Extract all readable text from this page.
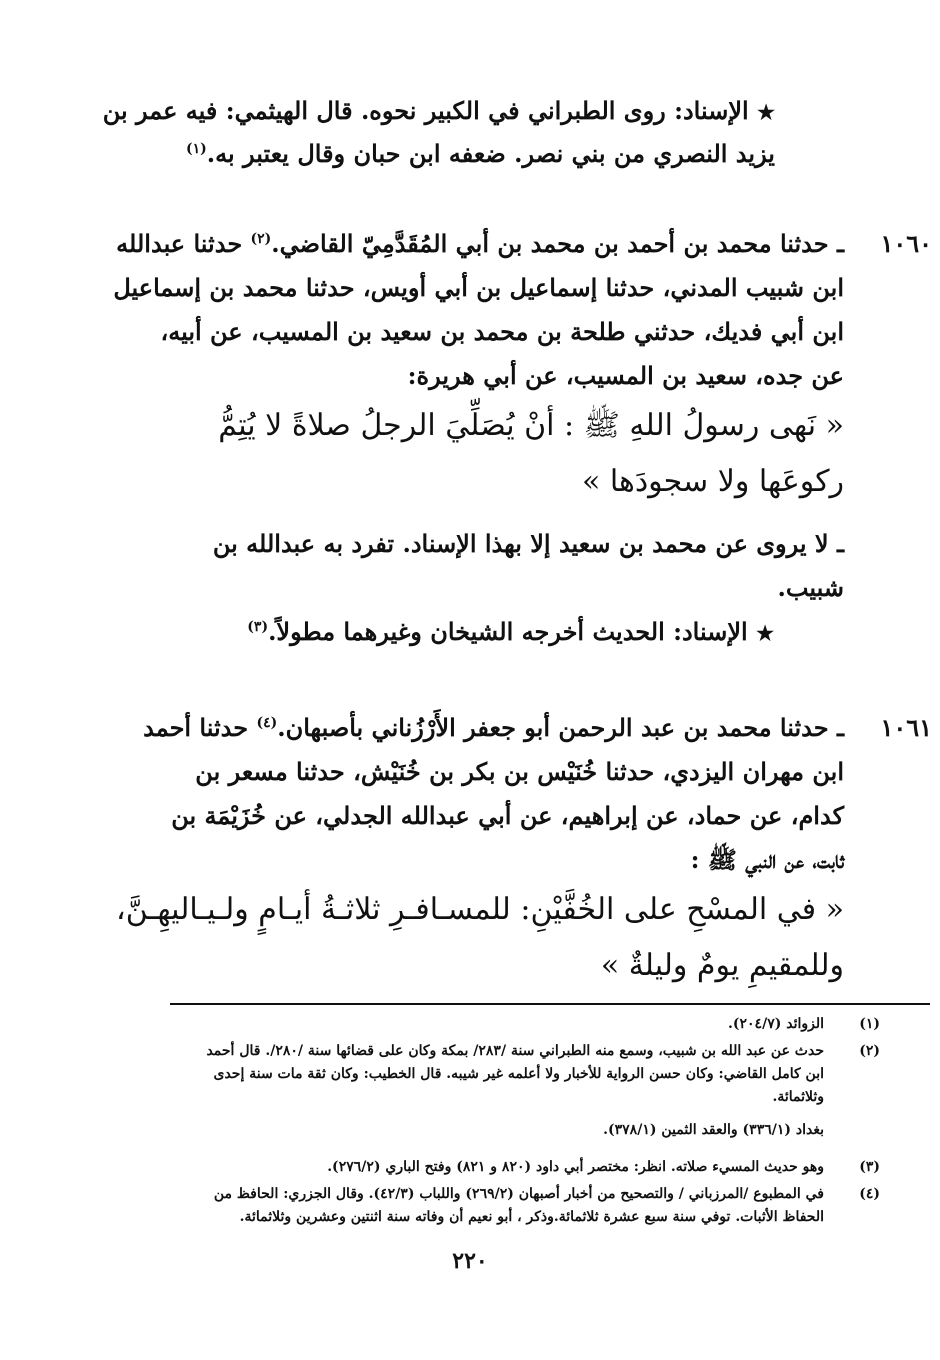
★ الإسناد: روى الطبراني في الكبير نحوه. قال الهيثمي: فيه عمر بن
يزيد النصري من بني نصر. ضعفه ابن حبان وقال يعتبر به.$^{(١)}$
١٠٦٠
ـ حدثنا محمد بن أحمد بن محمد بن أبي المُقَدَّمِيّ القاضي.$^{(٢)}$ حدثنا عبدالله
ابن شبيب المدني، حدثنا إسماعيل بن أبي أويس، حدثنا محمد بن إسماعيل
ابن أبي فديك، حدثني طلحة بن محمد بن سعيد بن المسيب، عن أبيه،
عن جده، سعيد بن المسيب، عن أبي هريرة:
« نَهى رسولُ اللهِ ﷺ : أنْ يُصَلِّيَ الرجلُ صلاةً لا يُتِمُّ
ركوعَها ولا سجودَها »
ـ لا يروى عن محمد بن سعيد إلا بهذا الإسناد. تفرد به عبدالله بن
شبيب.
★ الإسناد: الحديث أخرجه الشيخان وغيرهما مطولاً.$^{(٣)}$
١٠٦١
ـ حدثنا محمد بن عبد الرحمن أبو جعفر الأَرْزُناني بأصبهان.$^{(٤)}$ حدثنا أحمد
ابن مهران اليزدي، حدثنا خُنَيْس بن بكر بن خُنَيْش، حدثنا مسعر بن
كدام، عن حماد، عن إبراهيم، عن أبي عبدالله الجدلي، عن خُزَيْمَة بن
ثابت، عن النبي ﷺ :
« في المسْحِ على الخُفَّيْنِ: للمسـافـرِ ثلاثـةُ أيـامٍ ولـيـاليهِـنَّ،
وللمقيمِ يومٌ وليلةٌ »
(١)الزوائد (٢٠٤/٧).
(٢)حدث عن عبد الله بن شبيب، وسمع منه الطبراني سنة /٢٨٣/ بمكة وكان على قضائها سنة /٢٨٠/. قال أحمد
ابن كامل القاضي: وكان حسن الرواية للأخبار ولا أعلمه غير شيبه. قال الخطيب: وكان ثقة مات سنة إحدى
وثلاثمائة.
بغداد (٣٣٦/١) والعقد الثمين (٣٧٨/١).
(٣)وهو حديث المسيء صلاته. انظر: مختصر أبي داود (٨٢٠ و ٨٢١) وفتح الباري (٢٧٦/٢).
(٤)في المطبوع /المرزباني / والتصحيح من أخبار أصبهان (٢٦٩/٢) واللباب (٤٢/٣). وقال الجزري: الحافظ من
الحفاظ الأثبات. توفي سنة سبع عشرة ثلاثمائة.وذكر ، أبو نعيم أن وفاته سنة اثنتين وعشرين وثلاثمائة.
٢٢٠
